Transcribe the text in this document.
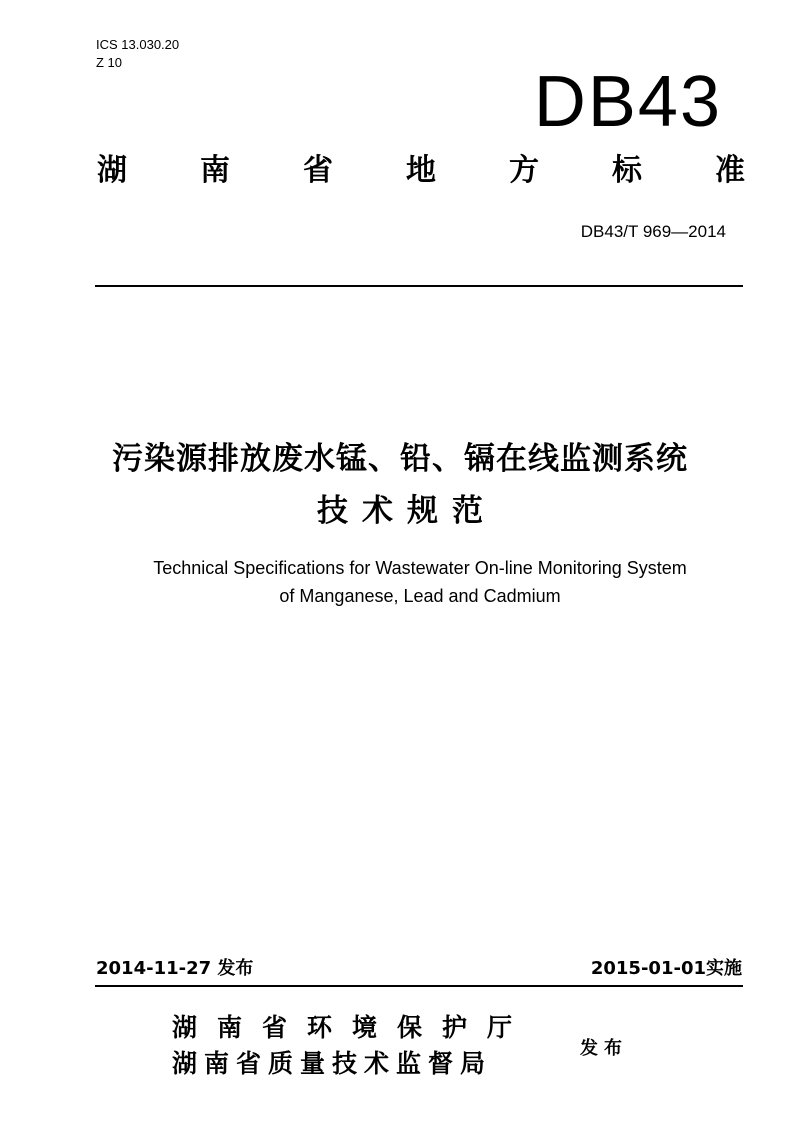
ICS 13.030.20
Z 10	DB43
湖 南 省 地 方 标 准
DB43/T 969—2014
污染源排放废水锰、铅、镉在线监测系统
技术规范
Technical Specifications for Wastewater On-line Monitoring System
of Manganese, Lead and Cadmium
2014-11-27 发布	2015-01-01实施
湖南省环境保护厅
湖南省质量技术监督局
发布
